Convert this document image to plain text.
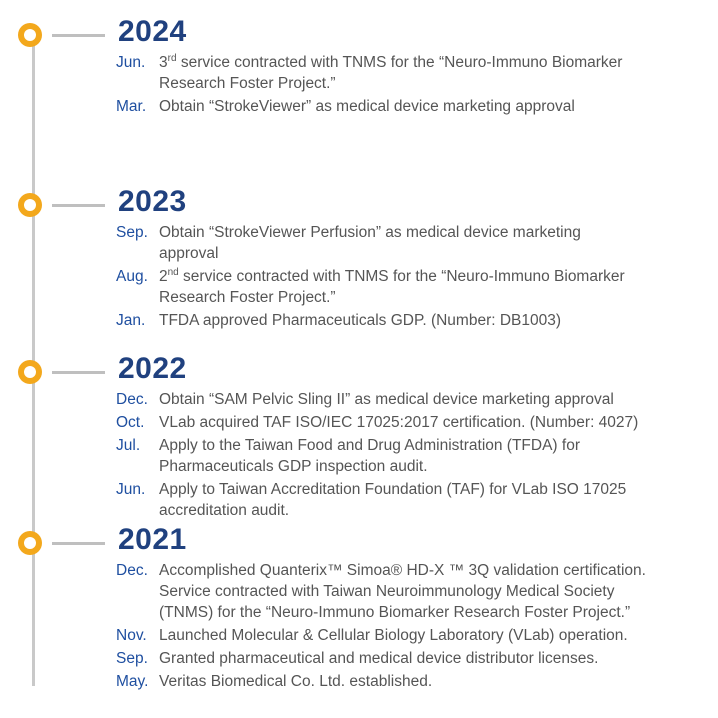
2024
Jun. 3rd service contracted with TNMS for the “Neuro-Immuno Biomarker
Research Foster Project.”
Mar. Obtain “StrokeViewer” as medical device marketing approval
2023
Sep. Obtain “StrokeViewer Perfusion” as medical device marketing
approval
Aug. 2nd service contracted with TNMS for the “Neuro-Immuno Biomarker
Research Foster Project.”
Jan. TFDA approved Pharmaceuticals GDP. (Number: DB1003)
2022
Dec. Obtain “SAM Pelvic Sling II” as medical device marketing approval
Oct. VLab acquired TAF ISO/IEC 17025:2017 certification. (Number: 4027)
Jul. Apply to the Taiwan Food and Drug Administration (TFDA) for
Pharmaceuticals GDP inspection audit.
Jun. Apply to Taiwan Accreditation Foundation (TAF) for VLab ISO 17025
accreditation audit.
2021
Dec. Accomplished Quanterix™ Simoa® HD-X ™ 3Q validation certification.
Service contracted with Taiwan Neuroimmunology Medical Society
(TNMS) for the “Neuro-Immuno Biomarker Research Foster Project.”
Nov. Launched Molecular & Cellular Biology Laboratory (VLab) operation.
Sep. Granted pharmaceutical and medical device distributor licenses.
May. Veritas Biomedical Co. Ltd. established.
